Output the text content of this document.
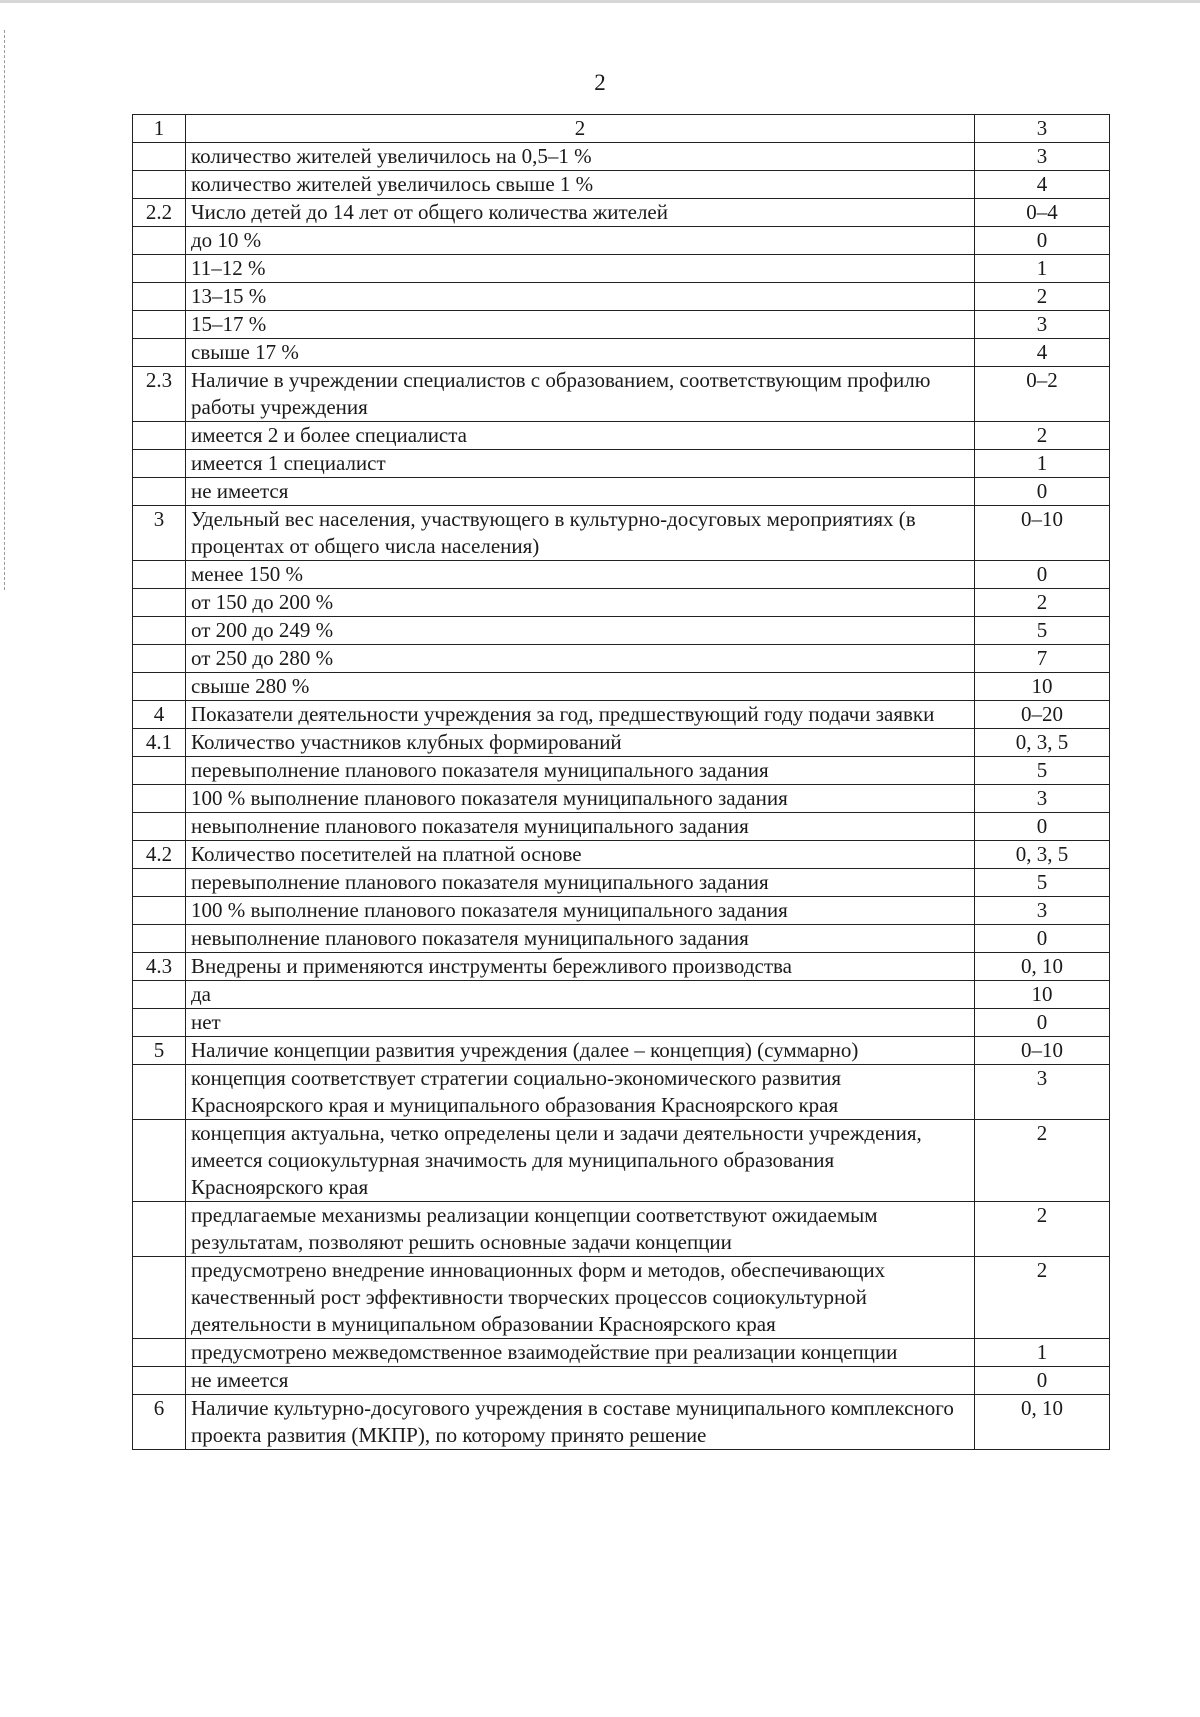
2
1	2	3
	количество жителей увеличилось на 0,5–1 %	3
	количество жителей увеличилось свыше 1 %	4
2.2	Число детей до 14 лет от общего количества жителей	0–4
	до 10 %	0
	11–12 %	1
	13–15 %	2
	15–17 %	3
	свыше 17 %	4
2.3	Наличие в учреждении специалистов с образованием, соответствующим профилю работы учреждения	0–2
	имеется 2 и более специалиста	2
	имеется 1 специалист	1
	не имеется	0
3	Удельный вес населения, участвующего в культурно-досуговых мероприятиях (в процентах от общего числа населения)	0–10
	менее 150 %	0
	от 150 до 200 %	2
	от 200 до 249 %	5
	от 250 до 280 %	7
	свыше 280 %	10
4	Показатели деятельности учреждения за год, предшествующий году подачи заявки	0–20
4.1	Количество участников клубных формирований	0, 3, 5
	перевыполнение планового показателя муниципального задания	5
	100 % выполнение планового показателя муниципального задания	3
	невыполнение планового показателя муниципального задания	0
4.2	Количество посетителей на платной основе	0, 3, 5
	перевыполнение планового показателя муниципального задания	5
	100 % выполнение планового показателя муниципального задания	3
	невыполнение планового показателя муниципального задания	0
4.3	Внедрены и применяются инструменты бережливого производства	0, 10
	да	10
	нет	0
5	Наличие концепции развития учреждения (далее – концепция) (суммарно)	0–10
	концепция соответствует стратегии социально-экономического развития Красноярского края и муниципального образования Красноярского края	3
	концепция актуальна, четко определены цели и задачи деятельности учреждения, имеется социокультурная значимость для муниципального образования Красноярского края	2
	предлагаемые механизмы реализации концепции соответствуют ожидаемым результатам, позволяют решить основные задачи концепции	2
	предусмотрено внедрение инновационных форм и методов, обеспечивающих качественный рост эффективности творческих процессов социокультурной деятельности в муниципальном образовании Красноярского края	2
	предусмотрено межведомственное взаимодействие при реализации концепции	1
	не имеется	0
6	Наличие культурно-досугового учреждения в составе муниципального комплексного проекта развития (МКПР), по которому принято решение	0, 10
